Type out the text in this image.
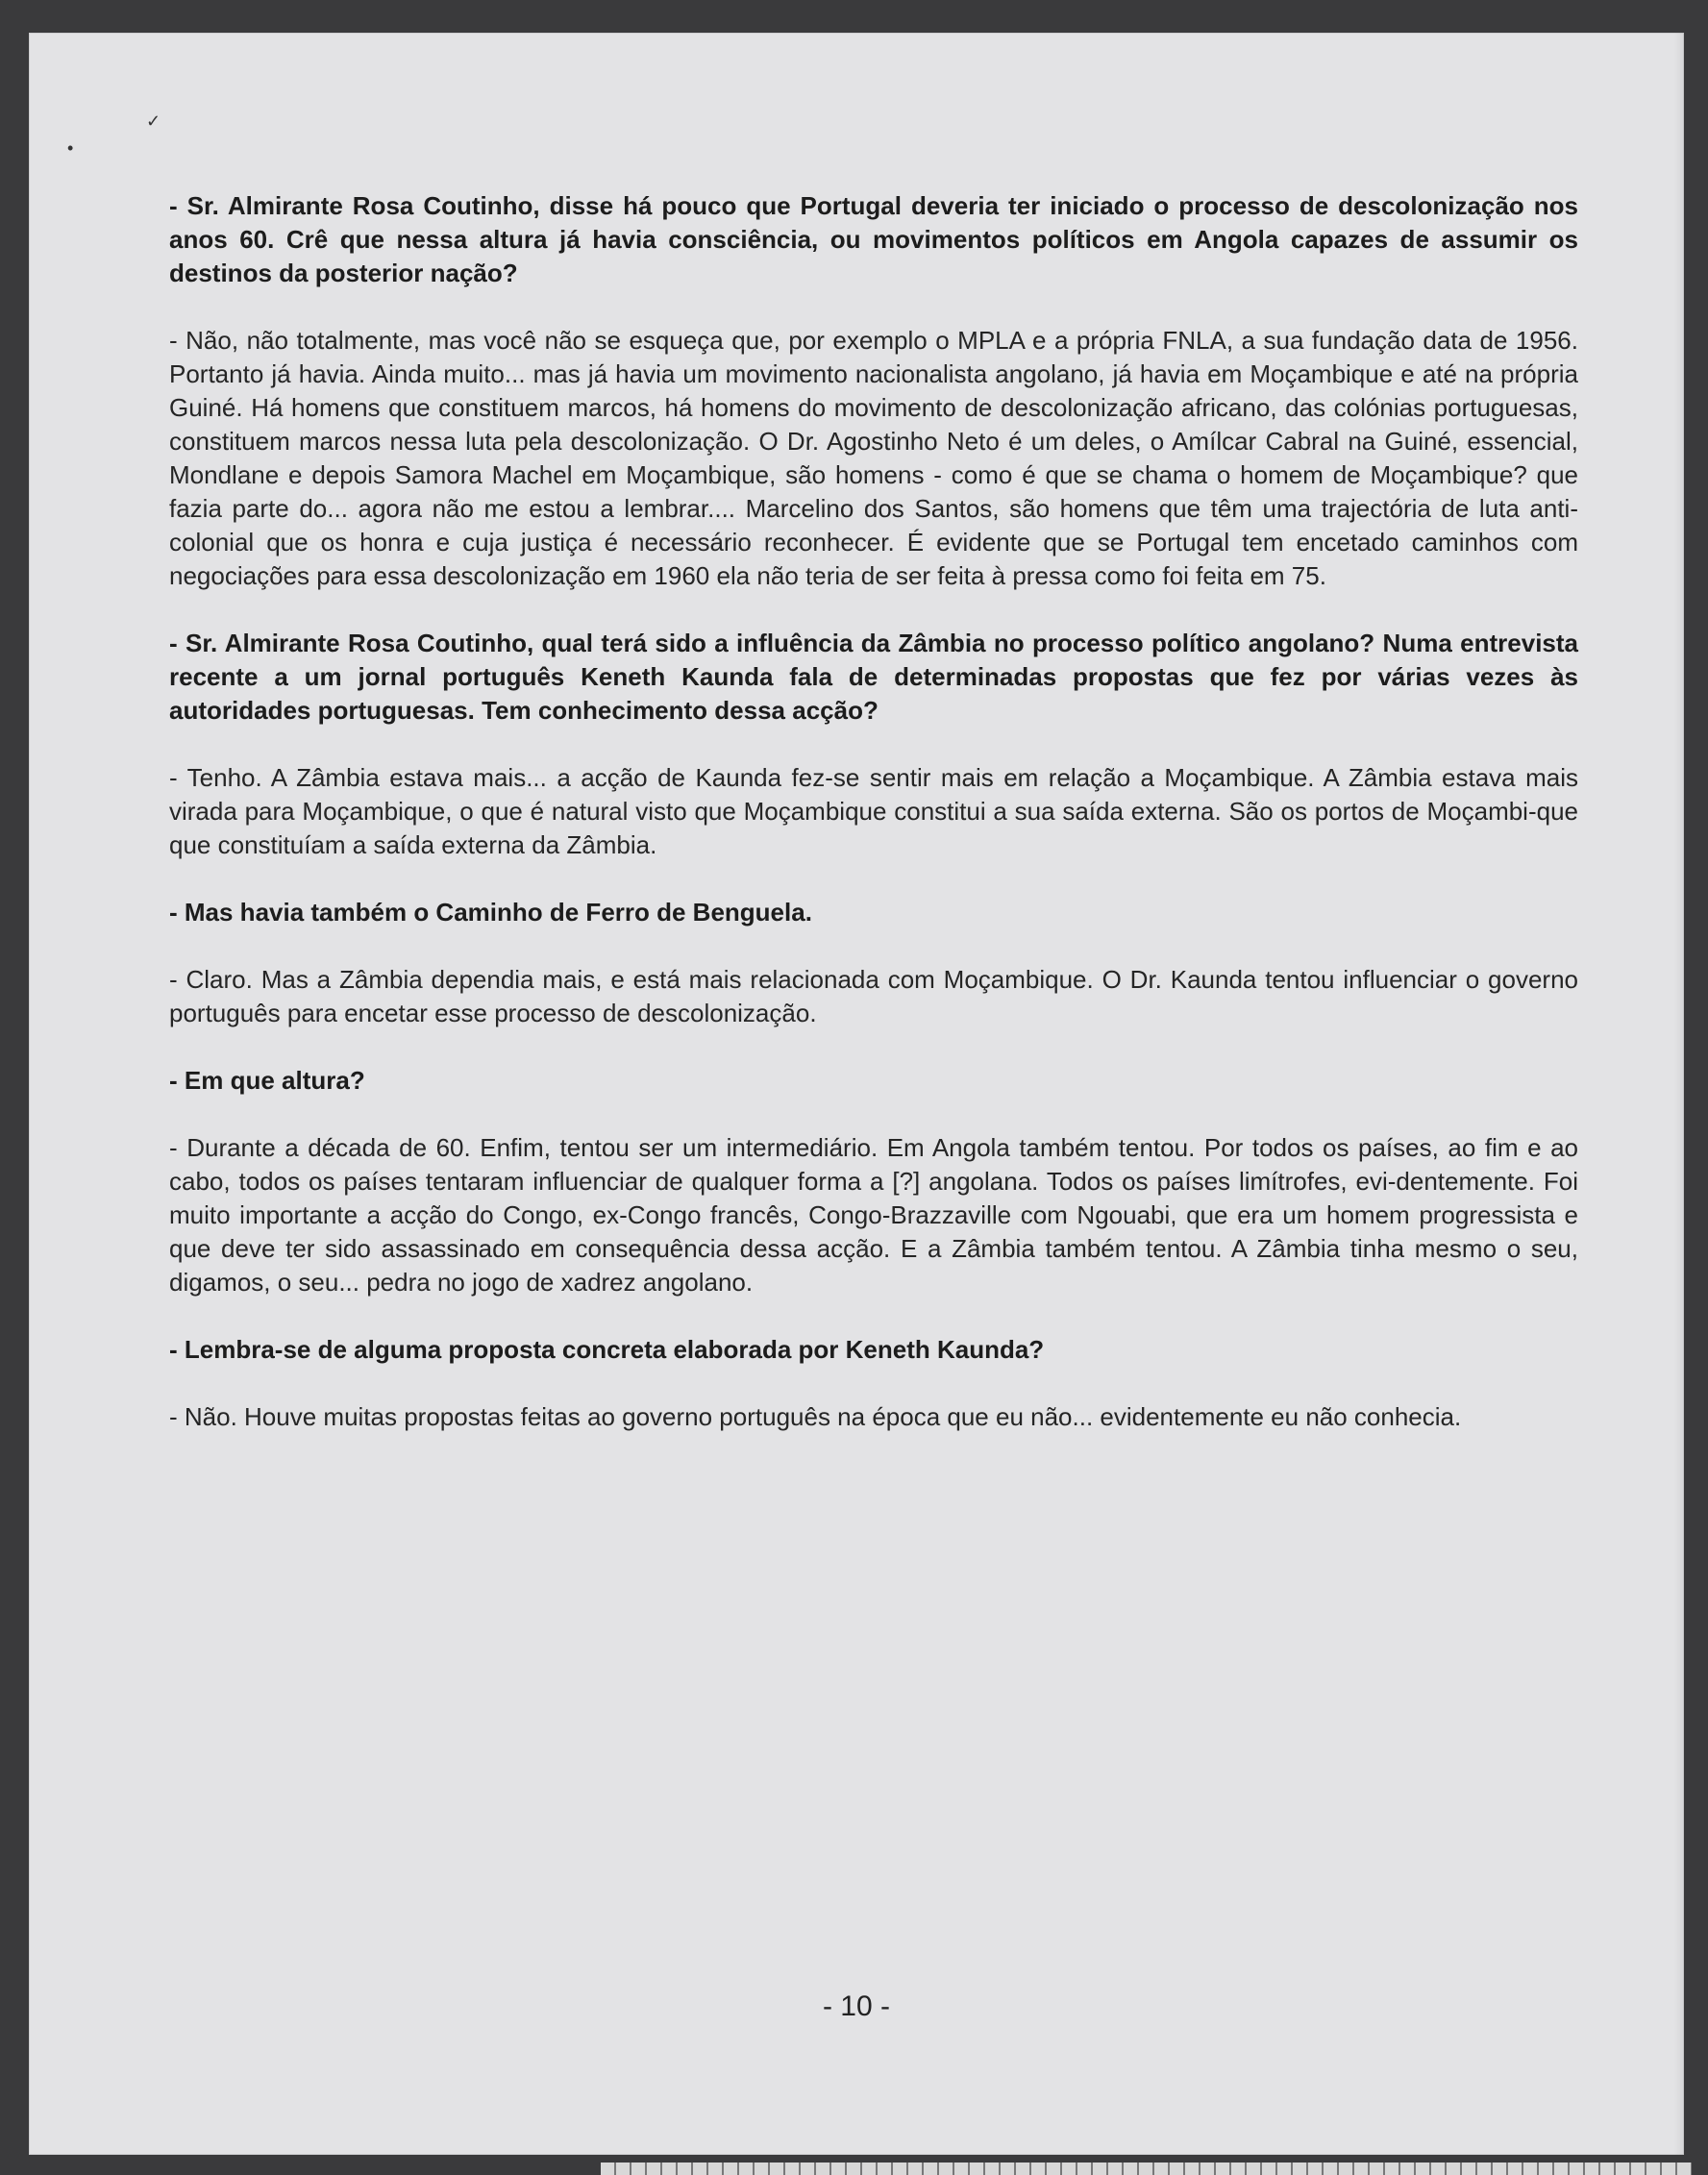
✓
•

- Sr. Almirante Rosa Coutinho, disse há pouco que Portugal deveria ter iniciado o processo de descolonização nos anos 60. Crê que nessa altura já havia consciência, ou movimentos políticos em Angola capazes de assumir os destinos da posterior nação?

- Não, não totalmente, mas você não se esqueça que, por exemplo o MPLA e a própria FNLA, a sua fundação data de 1956. Portanto já havia. Ainda muito... mas já havia um movimento nacionalista angolano, já havia em Moçambique e até na própria Guiné. Há homens que constituem marcos, há homens do movimento de descolonização africano, das colónias portuguesas, constituem marcos nessa luta pela descolonização. O Dr. Agostinho Neto é um deles, o Amílcar Cabral na Guiné, essencial, Mondlane e depois Samora Machel em Moçambique, são homens - como é que se chama o homem de Moçambique? que fazia parte do... agora não me estou a lembrar.... Marcelino dos Santos, são homens que têm uma trajectória de luta anti-colonial que os honra e cuja justiça é necessário reconhecer. É evidente que se Portugal tem encetado caminhos com negociações para essa descolonização em 1960 ela não teria de ser feita à pressa como foi feita em 75.

- Sr. Almirante Rosa Coutinho, qual terá sido a influência da Zâmbia no processo político angolano? Numa entrevista recente a um jornal português Keneth Kaunda fala de determinadas propostas que fez por várias vezes às autoridades portuguesas. Tem conhecimento dessa acção?

- Tenho. A Zâmbia estava mais... a acção de Kaunda fez-se sentir mais em relação a Moçambique. A Zâmbia estava mais virada para Moçambique, o que é natural visto que Moçambique constitui a sua saída externa. São os portos de Moçambi-que que constituíam a saída externa da Zâmbia.

- Mas havia também o Caminho de Ferro de Benguela.

- Claro. Mas a Zâmbia dependia mais, e está mais relacionada com Moçambique. O Dr. Kaunda tentou influenciar o governo português para encetar esse processo de descolonização.

- Em que altura?

- Durante a década de 60. Enfim, tentou ser um intermediário. Em Angola também tentou. Por todos os países, ao fim e ao cabo, todos os países tentaram influenciar de qualquer forma a [?] angolana. Todos os países limítrofes, evi-dentemente. Foi muito importante a acção do Congo, ex-Congo francês, Congo-Brazzaville com Ngouabi, que era um homem progressista e que deve ter sido assassinado em consequência dessa acção. E a Zâmbia também tentou. A Zâmbia tinha mesmo o seu, digamos, o seu... pedra no jogo de xadrez angolano.

- Lembra-se de alguma proposta concreta elaborada por Keneth Kaunda?

- Não. Houve muitas propostas feitas ao governo português na época que eu não... evidentemente eu não conhecia.

- 10 -
